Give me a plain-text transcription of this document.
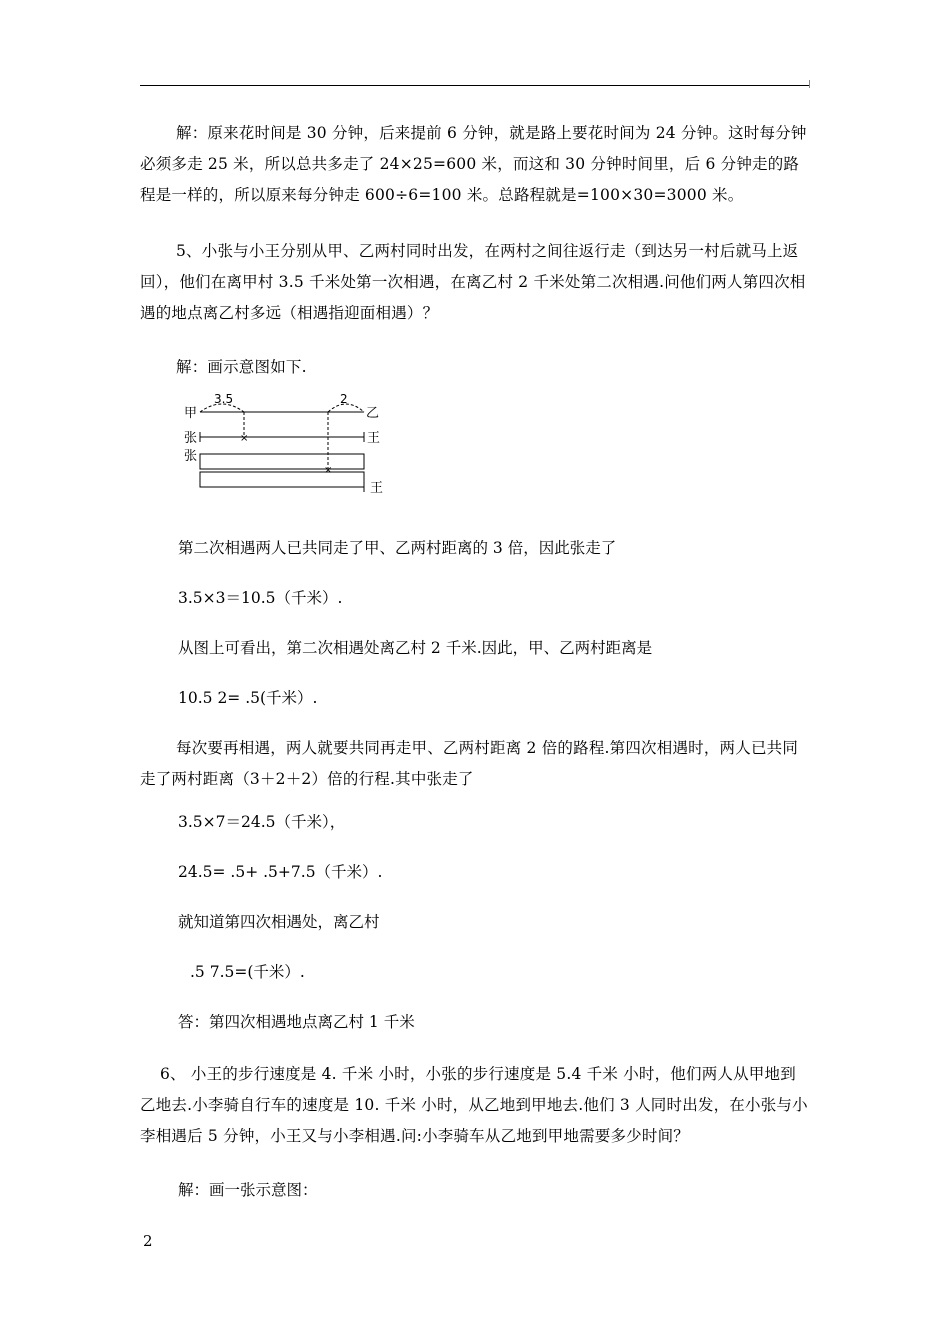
解：原来花时间是 30 分钟，后来提前 6 分钟，就是路上要花时间为 24 分钟。这时每分钟必须多走 25 米，所以总共多走了 24×25=600 米，而这和 30 分钟时间里，后 6 分钟走的路程是一样的，所以原来每分钟走 600÷6=100 米。总路程就是=100×30=3000 米。

5、小张与小王分别从甲、乙两村同时出发，在两村之间往返行走（到达另一村后就马上返回），他们在离甲村 3.5 千米处第一次相遇，在离乙村 2 千米处第二次相遇.问他们两人第四次相遇的地点离乙村多远（相遇指迎面相遇）？

解：画示意图如下.

甲	乙
3.5	2
张	王
×
张
×
王
第二次相遇两人已共同走了甲、乙两村距离的 3 倍，因此张走了
3.5×3＝10.5（千米）.
从图上可看出，第二次相遇处离乙村 2 千米.因此，甲、乙两村距离是
10.5 2= .5(千米）.

每次要再相遇，两人就要共同再走甲、乙两村距离 2 倍的路程.第四次相遇时，两人已共同走了两村距离（3＋2＋2）倍的行程.其中张走了

3.5×7＝24.5（千米），
24.5= .5+ .5+7.5（千米）.
就知道第四次相遇处，离乙村
.5 7.5=(千米）.
答：第四次相遇地点离乙村 1 千米

6、 小王的步行速度是 4. 千米 小时，小张的步行速度是 5.4 千米 小时，他们两人从甲地到乙地去.小李骑自行车的速度是 10. 千米 小时，从乙地到甲地去.他们 3 人同时出发，在小张与小李相遇后 5 分钟，小王又与小李相遇.问:小李骑车从乙地到甲地需要多少时间？

解：画一张示意图：
2
